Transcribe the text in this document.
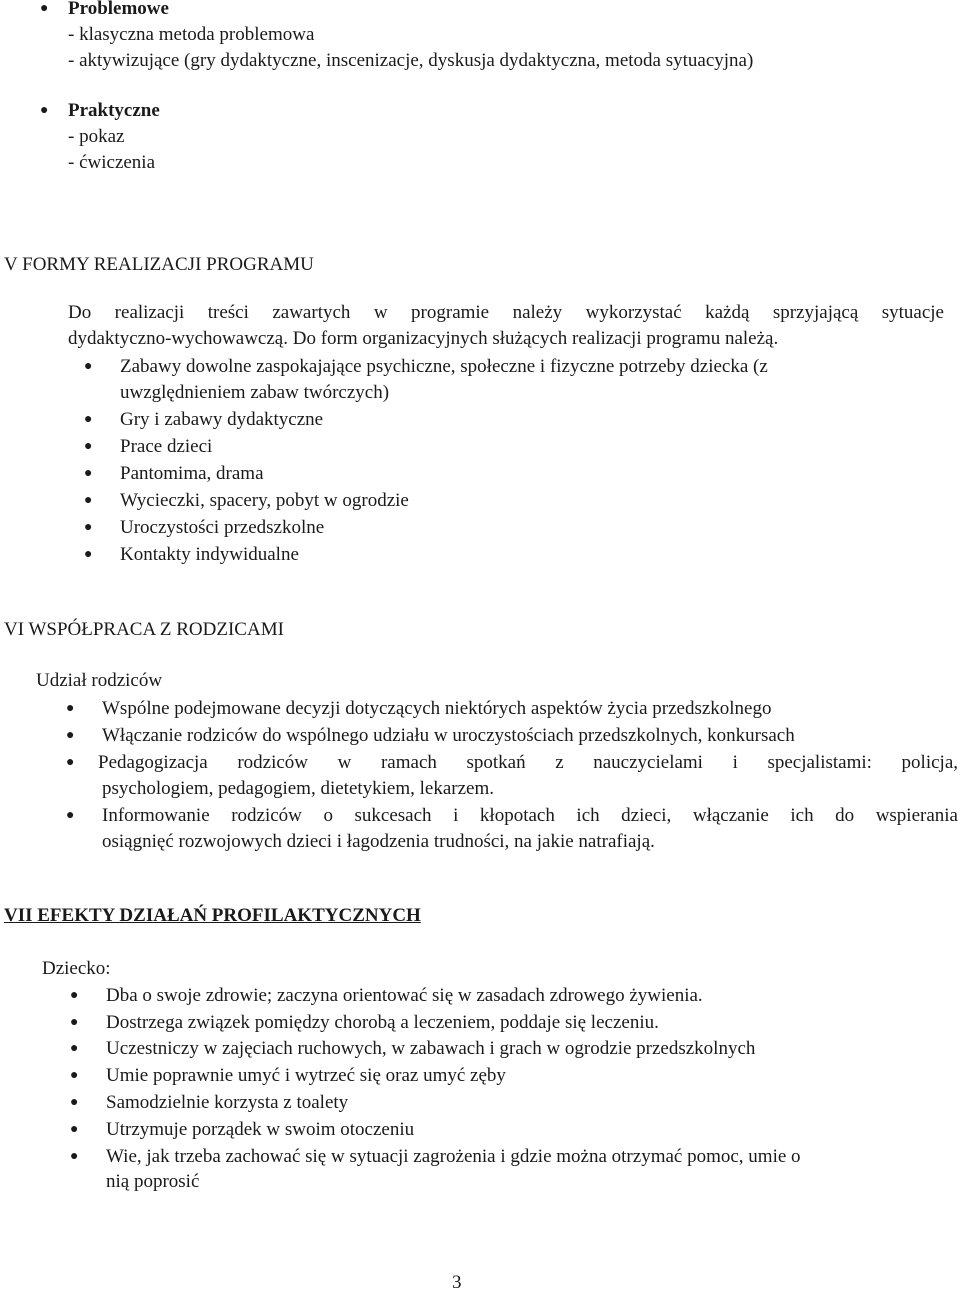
● Problemowe
- klasyczna metoda problemowa
- aktywizujące (gry dydaktyczne, inscenizacje, dyskusja dydaktyczna, metoda sytuacyjna)
● Praktyczne
- pokaz
- ćwiczenia
V FORMY REALIZACJI PROGRAMU
Do realizacji treści zawartych w programie należy wykorzystać każdą sprzyjającą sytuacje
dydaktyczno-wychowawczą. Do form organizacyjnych służących realizacji programu należą.
● Zabawy dowolne zaspokajające psychiczne, społeczne i fizyczne potrzeby dziecka (z
uwzględnieniem zabaw twórczych)
● Gry i zabawy dydaktyczne
● Prace dzieci
● Pantomima, drama
● Wycieczki, spacery, pobyt w ogrodzie
● Uroczystości przedszkolne
● Kontakty indywidualne
VI WSPÓŁPRACA Z RODZICAMI
Udział rodziców
● Wspólne podejmowane decyzji dotyczących niektórych aspektów życia przedszkolnego
● Włączanie rodziców do wspólnego udziału w uroczystościach przedszkolnych, konkursach
● Pedagogizacja rodziców w ramach spotkań z nauczycielami i specjalistami: policja,
psychologiem, pedagogiem, dietetykiem, lekarzem.
● Informowanie rodziców o sukcesach i kłopotach ich dzieci, włączanie ich do wspierania
osiągnięć rozwojowych dzieci i łagodzenia trudności, na jakie natrafiają.
VII EFEKTY DZIAŁAŃ PROFILAKTYCZNYCH
Dziecko:
● Dba o swoje zdrowie; zaczyna orientować się w zasadach zdrowego żywienia.
● Dostrzega związek pomiędzy chorobą a leczeniem, poddaje się leczeniu.
● Uczestniczy w zajęciach ruchowych, w zabawach i grach w ogrodzie przedszkolnych
● Umie poprawnie umyć i wytrzeć się oraz umyć zęby
● Samodzielnie korzysta z toalety
● Utrzymuje porządek w swoim otoczeniu
● Wie, jak trzeba zachować się w sytuacji zagrożenia i gdzie można otrzymać pomoc, umie o
nią poprosić
3
